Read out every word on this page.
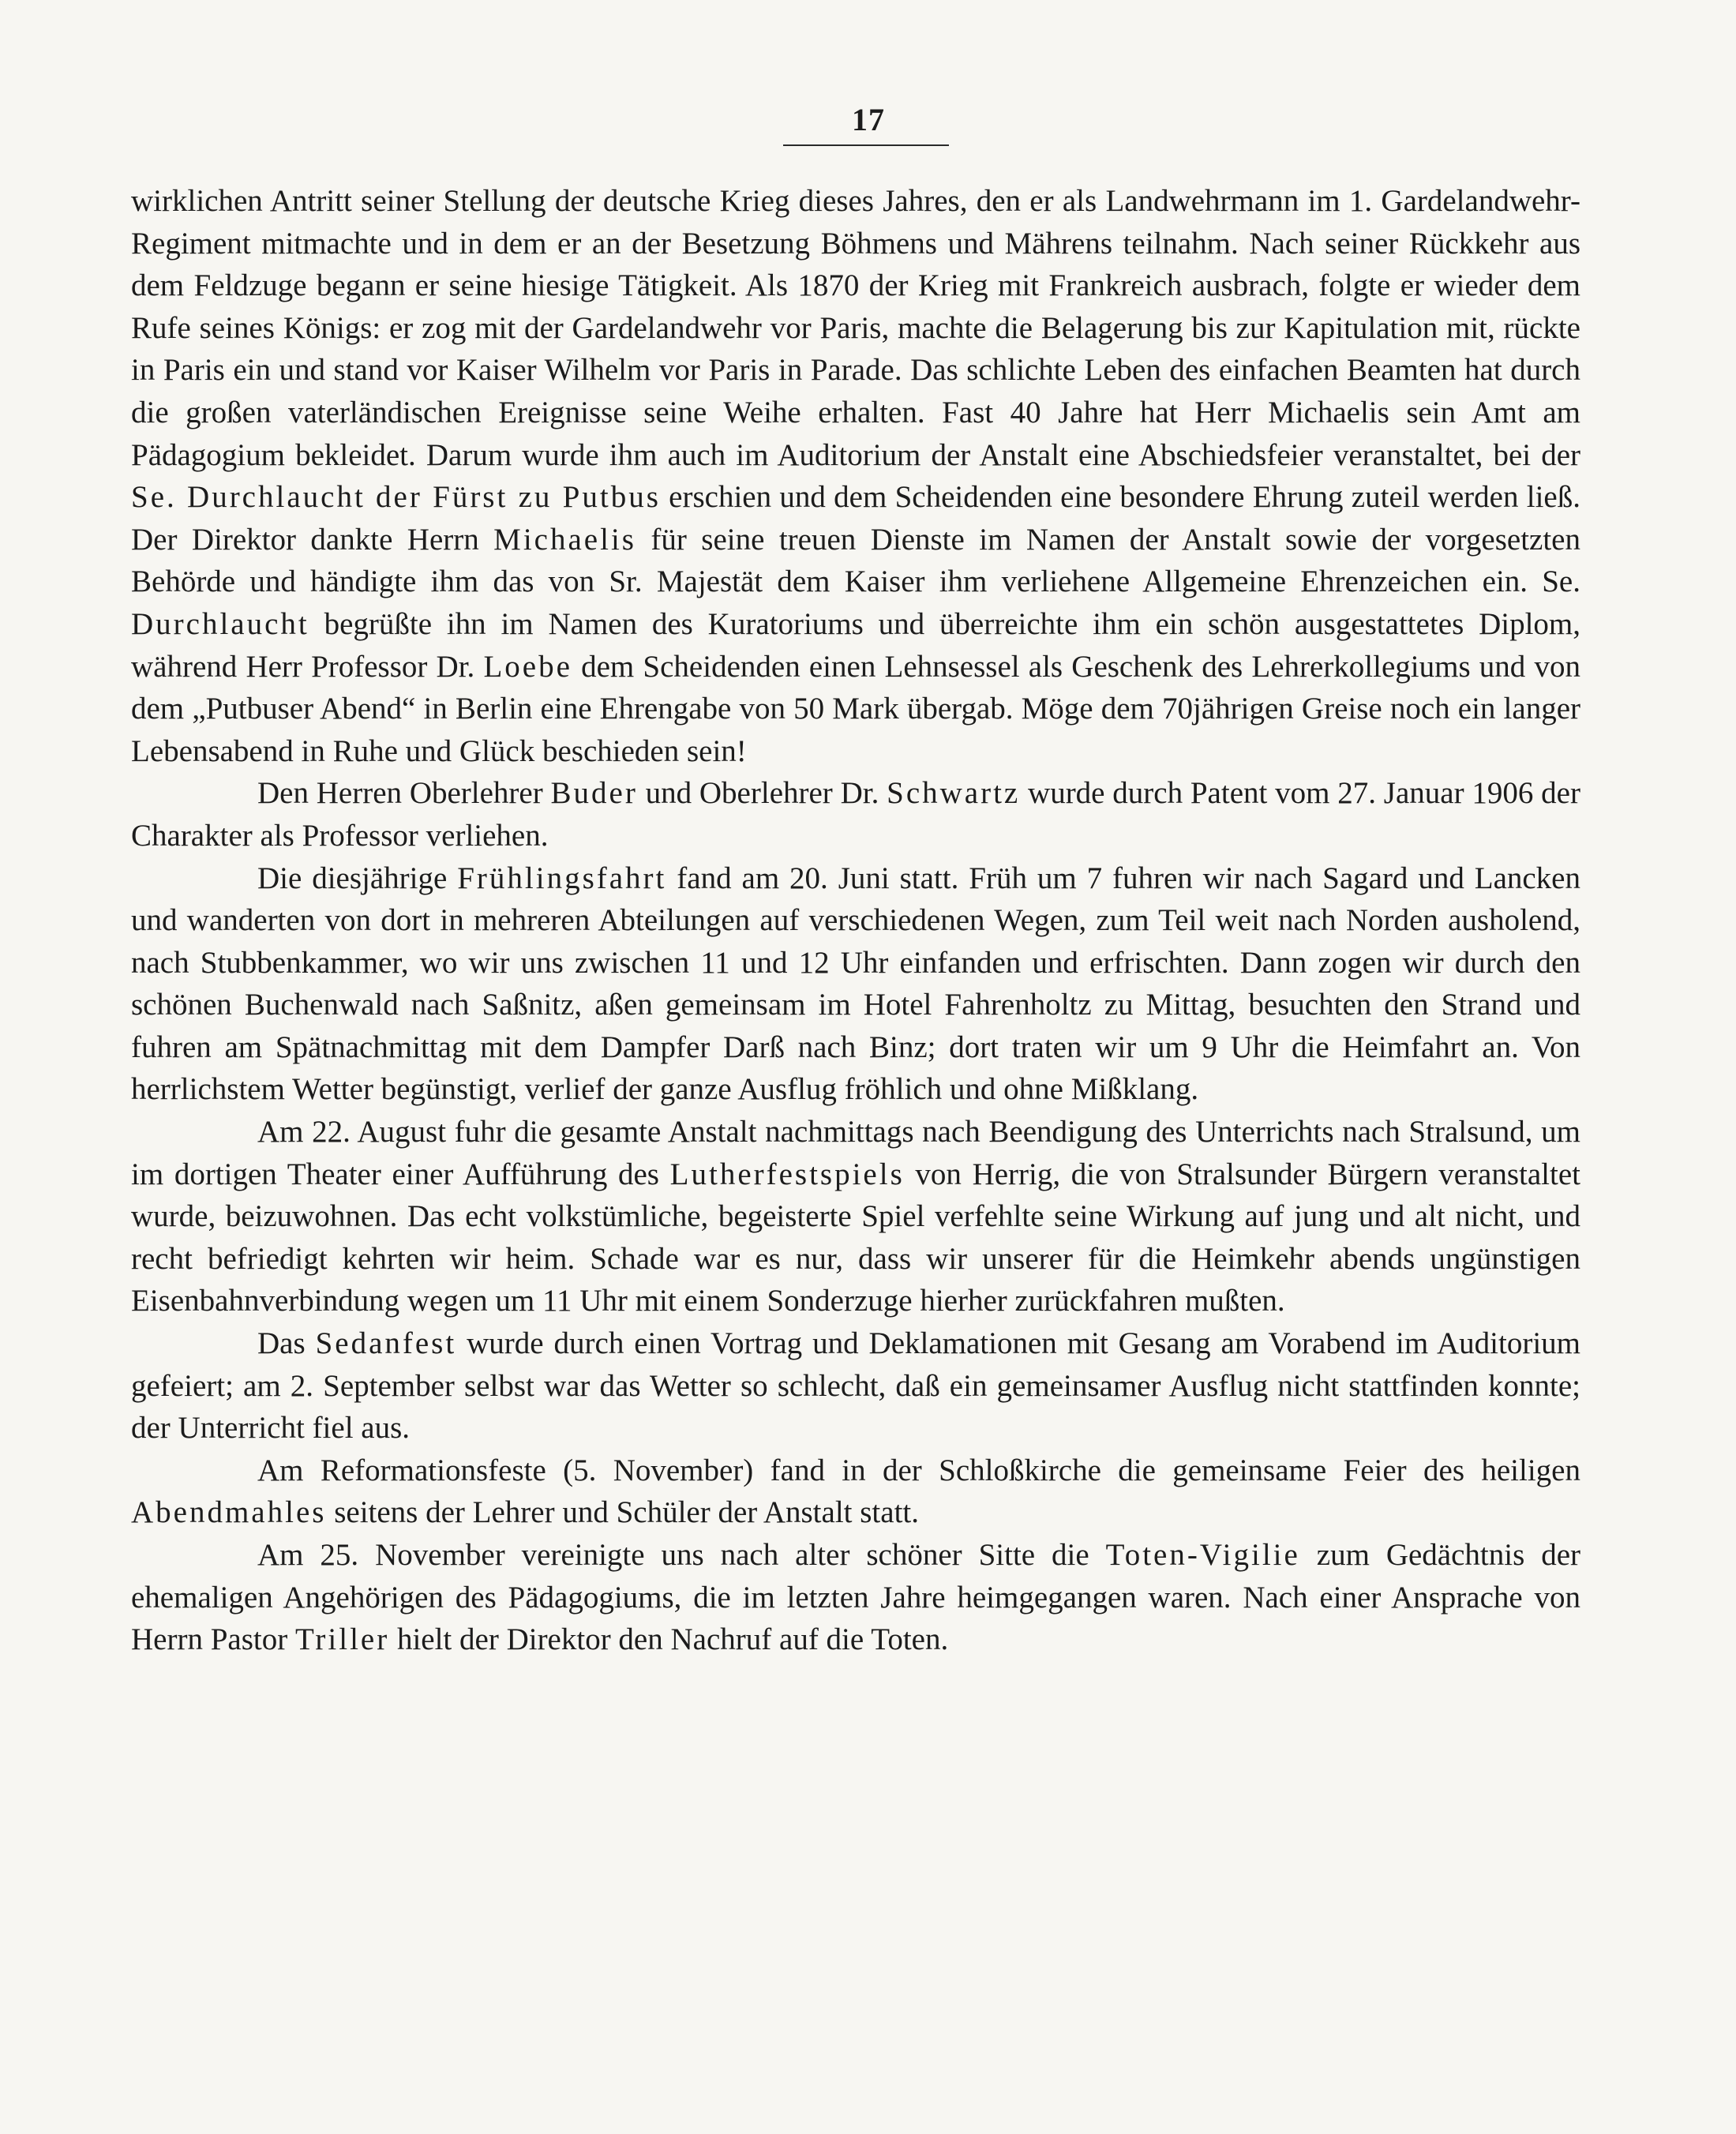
17

wirklichen Antritt seiner Stellung der deutsche Krieg dieses Jahres, den er als Landwehrmann im 1. Gardelandwehr-Regiment mitmachte und in dem er an der Besetzung Böhmens und Mährens teilnahm. Nach seiner Rückkehr aus dem Feldzuge begann er seine hiesige Tätigkeit. Als 1870 der Krieg mit Frankreich ausbrach, folgte er wieder dem Rufe seines Königs: er zog mit der Gardelandwehr vor Paris, machte die Belagerung bis zur Kapitulation mit, rückte in Paris ein und stand vor Kaiser Wilhelm vor Paris in Parade. Das schlichte Leben des einfachen Beamten hat durch die großen vaterländischen Ereignisse seine Weihe erhalten. Fast 40 Jahre hat Herr Michaelis sein Amt am Pädagogium bekleidet. Darum wurde ihm auch im Auditorium der Anstalt eine Abschiedsfeier veranstaltet, bei der Se. Durchlaucht der Fürst zu Putbus erschien und dem Scheidenden eine besondere Ehrung zuteil werden ließ. Der Direktor dankte Herrn Michaelis für seine treuen Dienste im Namen der Anstalt sowie der vorgesetzten Behörde und händigte ihm das von Sr. Majestät dem Kaiser ihm verliehene Allgemeine Ehrenzeichen ein. Se. Durchlaucht begrüßte ihn im Namen des Kuratoriums und überreichte ihm ein schön ausgestattetes Diplom, während Herr Professor Dr. Loebe dem Scheidenden einen Lehnsessel als Geschenk des Lehrerkollegiums und von dem „Putbuser Abend“ in Berlin eine Ehrengabe von 50 Mark übergab. Möge dem 70jährigen Greise noch ein langer Lebensabend in Ruhe und Glück beschieden sein!

Den Herren Oberlehrer Buder und Oberlehrer Dr. Schwartz wurde durch Patent vom 27. Januar 1906 der Charakter als Professor verliehen.

Die diesjährige Frühlingsfahrt fand am 20. Juni statt. Früh um 7 fuhren wir nach Sagard und Lancken und wanderten von dort in mehreren Abteilungen auf verschiedenen Wegen, zum Teil weit nach Norden ausholend, nach Stubbenkammer, wo wir uns zwischen 11 und 12 Uhr einfanden und erfrischten. Dann zogen wir durch den schönen Buchenwald nach Saßnitz, aßen gemeinsam im Hotel Fahrenholtz zu Mittag, besuchten den Strand und fuhren am Spätnachmittag mit dem Dampfer Darß nach Binz; dort traten wir um 9 Uhr die Heimfahrt an. Von herrlichstem Wetter begünstigt, verlief der ganze Ausflug fröhlich und ohne Mißklang.

Am 22. August fuhr die gesamte Anstalt nachmittags nach Beendigung des Unterrichts nach Stralsund, um im dortigen Theater einer Aufführung des Lutherfestspiels von Herrig, die von Stralsunder Bürgern veranstaltet wurde, beizuwohnen. Das echt volkstümliche, begeisterte Spiel verfehlte seine Wirkung auf jung und alt nicht, und recht befriedigt kehrten wir heim. Schade war es nur, dass wir unserer für die Heimkehr abends ungünstigen Eisenbahnverbindung wegen um 11 Uhr mit einem Sonderzuge hierher zurückfahren mußten.

Das Sedanfest wurde durch einen Vortrag und Deklamationen mit Gesang am Vorabend im Auditorium gefeiert; am 2. September selbst war das Wetter so schlecht, daß ein gemeinsamer Ausflug nicht stattfinden konnte; der Unterricht fiel aus.

Am Reformationsfeste (5. November) fand in der Schloßkirche die gemeinsame Feier des heiligen Abendmahles seitens der Lehrer und Schüler der Anstalt statt.

Am 25. November vereinigte uns nach alter schöner Sitte die Toten-Vigilie zum Gedächtnis der ehemaligen Angehörigen des Pädagogiums, die im letzten Jahre heimgegangen waren. Nach einer Ansprache von Herrn Pastor Triller hielt der Direktor den Nachruf auf die Toten.
